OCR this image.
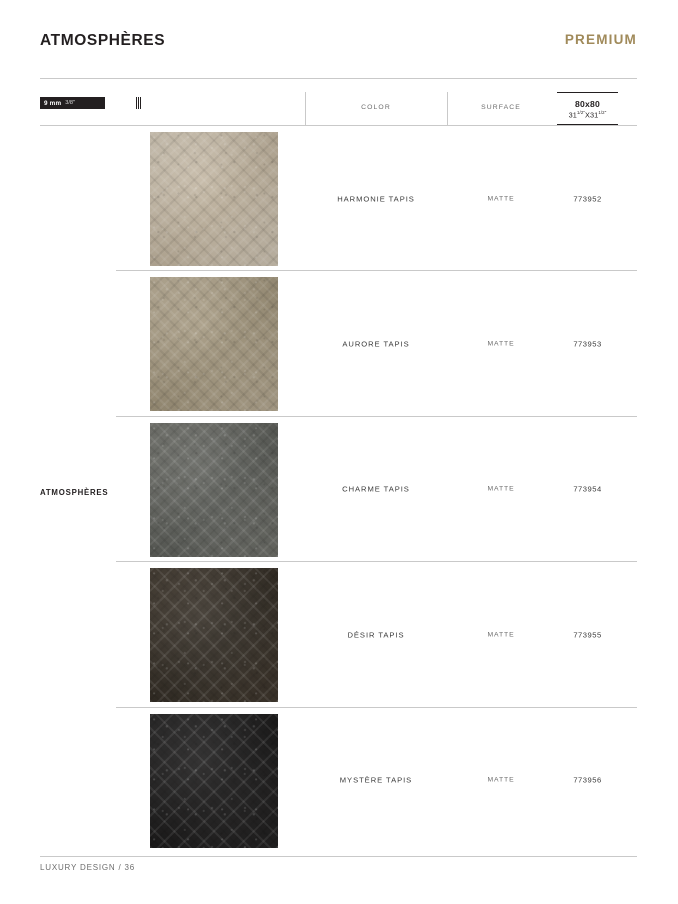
ATMOSPHÈRES	PREMIUM
9 mm 3/8"
COLOR	SURFACE	80x80
$31^{1/2"}X31^{1/2"}$
HARMONIE TAPIS	MATTE	773952
AURORE TAPIS	MATTE	773953
CHARME TAPIS	MATTE	773954
DÉSIR TAPIS	MATTE	773955
MYSTÈRE TAPIS	MATTE	773956
ATMOSPHÈRES
LUXURY DESIGN / 36
